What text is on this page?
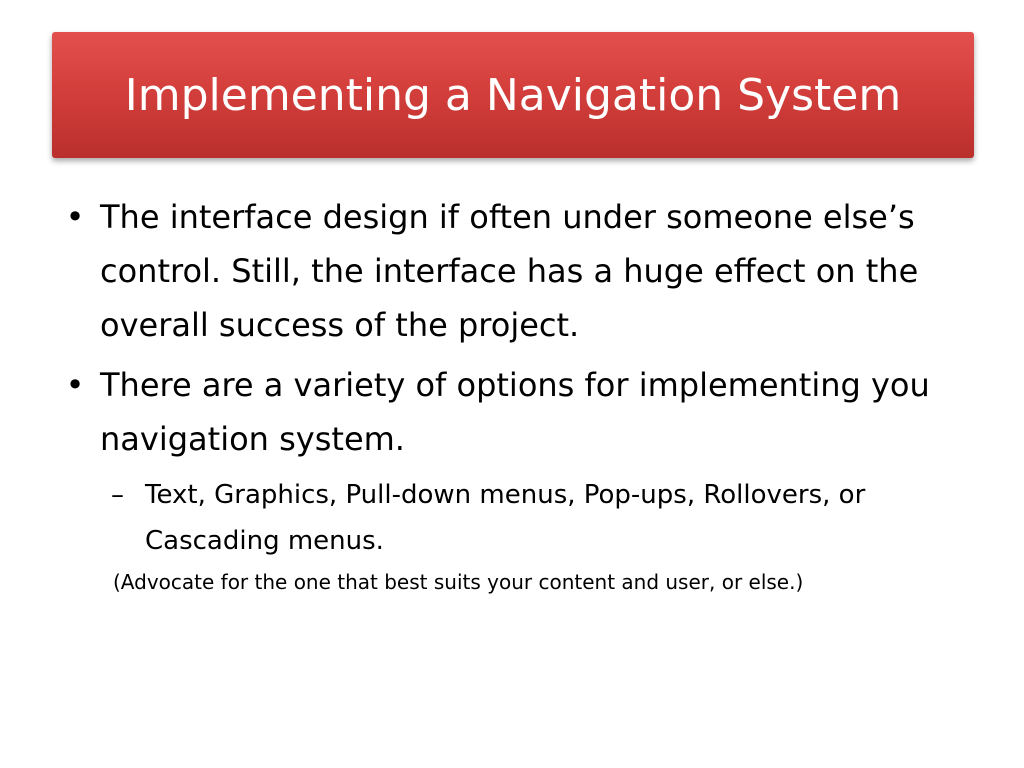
Implementing a Navigation System
• The interface design if often under someone else’s control. Still, the interface has a huge effect on the overall success of the project.
• There are a variety of options for implementing you navigation system.
– Text, Graphics, Pull-down menus, Pop-ups, Rollovers, or Cascading menus.
(Advocate for the one that best suits your content and user, or else.)
